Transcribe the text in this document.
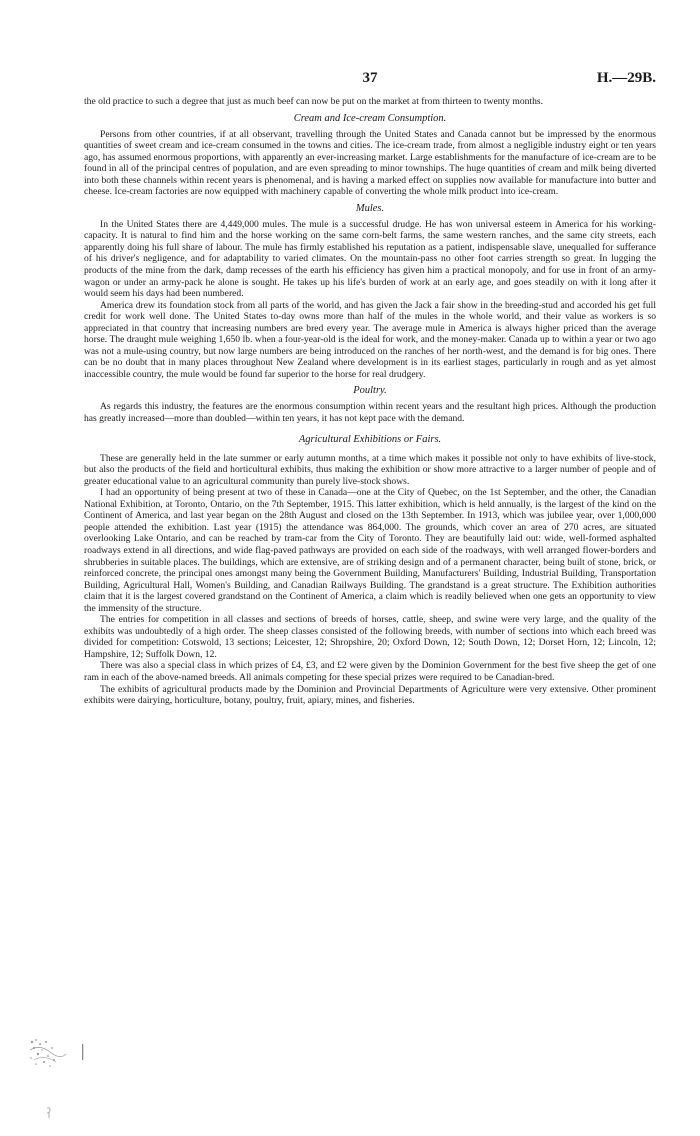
37	H.—29B.

the old practice to such a degree that just as much beef can now be put on the market at from thirteen to twenty months.

Cream and Ice-cream Consumption.

Persons from other countries, if at all observant, travelling through the United States and Canada cannot but be impressed by the enormous quantities of sweet cream and ice-cream consumed in the towns and cities. The ice-cream trade, from almost a negligible industry eight or ten years ago, has assumed enormous proportions, with apparently an ever-increasing market. Large establishments for the manufacture of ice-cream are to be found in all of the principal centres of population, and are even spreading to minor townships. The huge quantities of cream and milk being diverted into both these channels within recent years is phenomenal, and is having a marked effect on supplies now available for manufacture into butter and cheese. Ice-cream factories are now equipped with machinery capable of converting the whole milk product into ice-cream.

Mules.

In the United States there are 4,449,000 mules. The mule is a successful drudge. He has won universal esteem in America for his working-capacity. It is natural to find him and the horse working on the same corn-belt farms, the same western ranches, and the same city streets, each apparently doing his full share of labour. The mule has firmly established his reputation as a patient, indispensable slave, unequalled for sufferance of his driver's negligence, and for adaptability to varied climates. On the mountain-pass no other foot carries strength so great. In lugging the products of the mine from the dark, damp recesses of the earth his efficiency has given him a practical monopoly, and for use in front of an army-wagon or under an army-pack he alone is sought. He takes up his life's burden of work at an early age, and goes steadily on with it long after it would seem his days had been numbered.

America drew its foundation stock from all parts of the world, and has given the Jack a fair show in the breeding-stud and accorded his get full credit for work well done. The United States to-day owns more than half of the mules in the whole world, and their value as workers is so appreciated in that country that increasing numbers are bred every year. The average mule in America is always higher priced than the average horse. The draught mule weighing 1,650 lb. when a four-year-old is the ideal for work, and the money-maker. Canada up to within a year or two ago was not a mule-using country, but now large numbers are being introduced on the ranches of her north-west, and the demand is for big ones. There can be no doubt that in many places throughout New Zealand where development is in its earliest stages, particularly in rough and as yet almost inaccessible country, the mule would be found far superior to the horse for real drudgery.

Poultry.

As regards this industry, the features are the enormous consumption within recent years and the resultant high prices. Although the production has greatly increased—more than doubled—within ten years, it has not kept pace with the demand.

Agricultural Exhibitions or Fairs.

These are generally held in the late summer or early autumn months, at a time which makes it possible not only to have exhibits of live-stock, but also the products of the field and horticultural exhibits, thus making the exhibition or show more attractive to a larger number of people and of greater educational value to an agricultural community than purely live-stock shows.

I had an opportunity of being present at two of these in Canada—one at the City of Quebec, on the 1st September, and the other, the Canadian National Exhibition, at Toronto, Ontario, on the 7th September, 1915. This latter exhibition, which is held annually, is the largest of the kind on the Continent of America, and last year began on the 28th August and closed on the 13th September. In 1913, which was jubilee year, over 1,000,000 people attended the exhibition. Last year (1915) the attendance was 864,000. The grounds, which cover an area of 270 acres, are situated overlooking Lake Ontario, and can be reached by tram-car from the City of Toronto. They are beautifully laid out: wide, well-formed asphalted roadways extend in all directions, and wide flag-paved pathways are provided on each side of the roadways, with well arranged flower-borders and shrubberies in suitable places. The buildings, which are extensive, are of striking design and of a permanent character, being built of stone, brick, or reinforced concrete, the principal ones amongst many being the Government Building, Manufacturers' Building, Industrial Building, Transportation Building, Agricultural Hall, Women's Building, and Canadian Railways Building. The grandstand is a great structure. The Exhibition authorities claim that it is the largest covered grandstand on the Continent of America, a claim which is readily believed when one gets an opportunity to view the immensity of the structure.

The entries for competition in all classes and sections of breeds of horses, cattle, sheep, and swine were very large, and the quality of the exhibits was undoubtedly of a high order. The sheep classes consisted of the following breeds, with number of sections into which each breed was divided for competition: Cotswold, 13 sections; Leicester, 12; Shropshire, 20; Oxford Down, 12; South Down, 12; Dorset Horn, 12; Lincoln, 12; Hampshire, 12; Suffolk Down, 12.

There was also a special class in which prizes of £4, £3, and £2 were given by the Dominion Government for the best five sheep the get of one ram in each of the above-named breeds. All animals competing for these special prizes were required to be Canadian-bred.

The exhibits of agricultural products made by the Dominion and Provincial Departments of Agriculture were very extensive. Other prominent exhibits were dairying, horticulture, botany, poultry, fruit, apiary, mines, and fisheries.
